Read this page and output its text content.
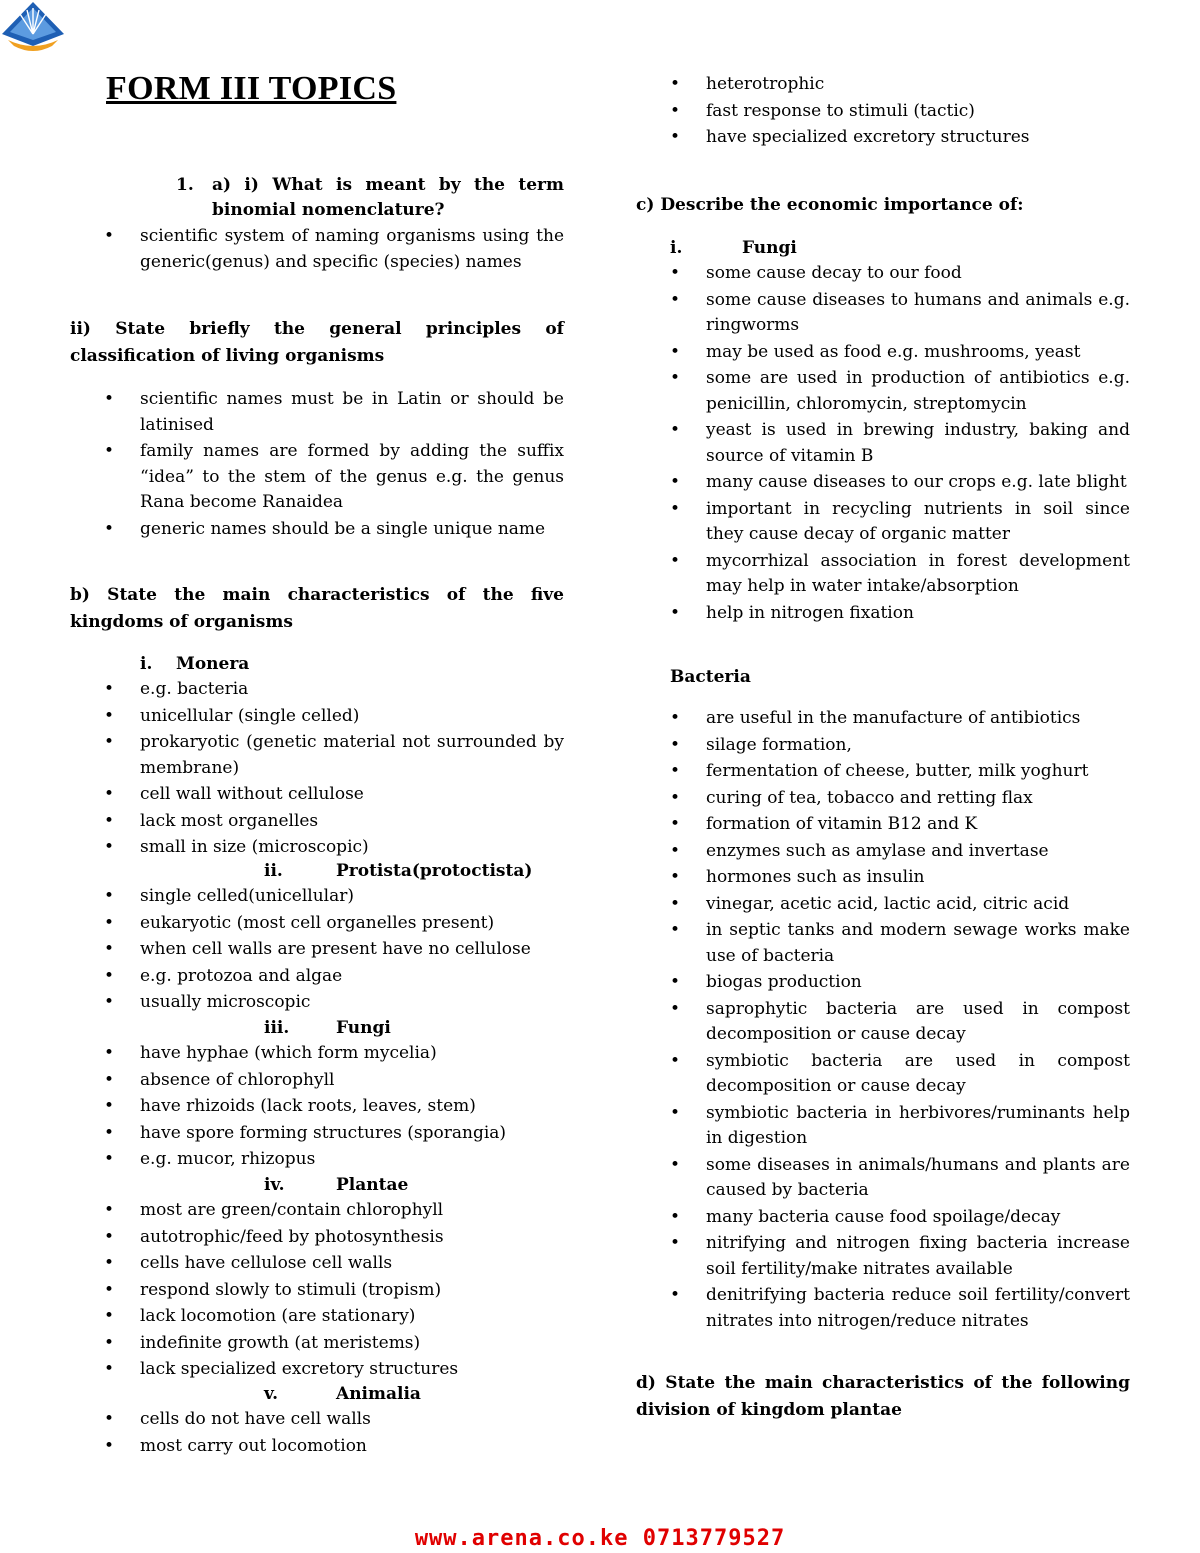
FORM III TOPICS
1.	a) i) What is meant by the term binomial nomenclature?
• scientific system of naming organisms using the generic(genus) and specific (species) names

ii) State briefly the general principles of classification of living organisms

• scientific names must be in Latin or should be latinised
• family names are formed by adding the suffix “idea” to the stem of the genus e.g. the genus Rana become Ranaidea
• generic names should be a single unique name

b) State the main characteristics of the five kingdoms of organisms

i. Monera
• e.g. bacteria
• unicellular (single celled)
• prokaryotic (genetic material not surrounded by membrane)
• cell wall without cellulose
• lack most organelles
• small in size (microscopic)
ii.	Protista(protoctista)
• single celled(unicellular)
• eukaryotic (most cell organelles present)
• when cell walls are present have no cellulose
• e.g. protozoa and algae
• usually microscopic
iii.	Fungi
• have hyphae (which form mycelia)
• absence of chlorophyll
• have rhizoids (lack roots, leaves, stem)
• have spore forming structures (sporangia)
• e.g. mucor, rhizopus
iv.	Plantae
• most are green/contain chlorophyll
• autotrophic/feed by photosynthesis
• cells have cellulose cell walls
• respond slowly to stimuli (tropism)
• lack locomotion (are stationary)
• indefinite growth (at meristems)
• lack specialized excretory structures
v.	Animalia
• cells do not have cell walls
• most carry out locomotion
• heterotrophic
• fast response to stimuli (tactic)
• have specialized excretory structures

c) Describe the economic importance of:

i.	Fungi
• some cause decay to our food
• some cause diseases to humans and animals e.g. ringworms
• may be used as food e.g. mushrooms, yeast
• some are used in production of antibiotics e.g. penicillin, chloromycin, streptomycin
• yeast is used in brewing industry, baking and source of vitamin B
• many cause diseases to our crops e.g. late blight
• important in recycling nutrients in soil since they cause decay of organic matter
• mycorrhizal association in forest development may help in water intake/absorption
• help in nitrogen fixation
Bacteria
• are useful in the manufacture of antibiotics
• silage formation,
• fermentation of cheese, butter, milk yoghurt
• curing of tea, tobacco and retting flax
• formation of vitamin B12 and K
• enzymes such as amylase and invertase
• hormones such as insulin
• vinegar, acetic acid, lactic acid, citric acid
• in septic tanks and modern sewage works make use of bacteria
• biogas production
• saprophytic bacteria are used in compost decomposition or cause decay
• symbiotic bacteria are used in compost decomposition or cause decay
• symbiotic bacteria in herbivores/ruminants help in digestion
• some diseases in animals/humans and plants are caused by bacteria
• many bacteria cause food spoilage/decay
• nitrifying and nitrogen fixing bacteria increase soil fertility/make nitrates available
• denitrifying bacteria reduce soil fertility/convert nitrates into nitrogen/reduce nitrates

d) State the main characteristics of the following division of kingdom plantae

www.arena.co.ke 0713779527
